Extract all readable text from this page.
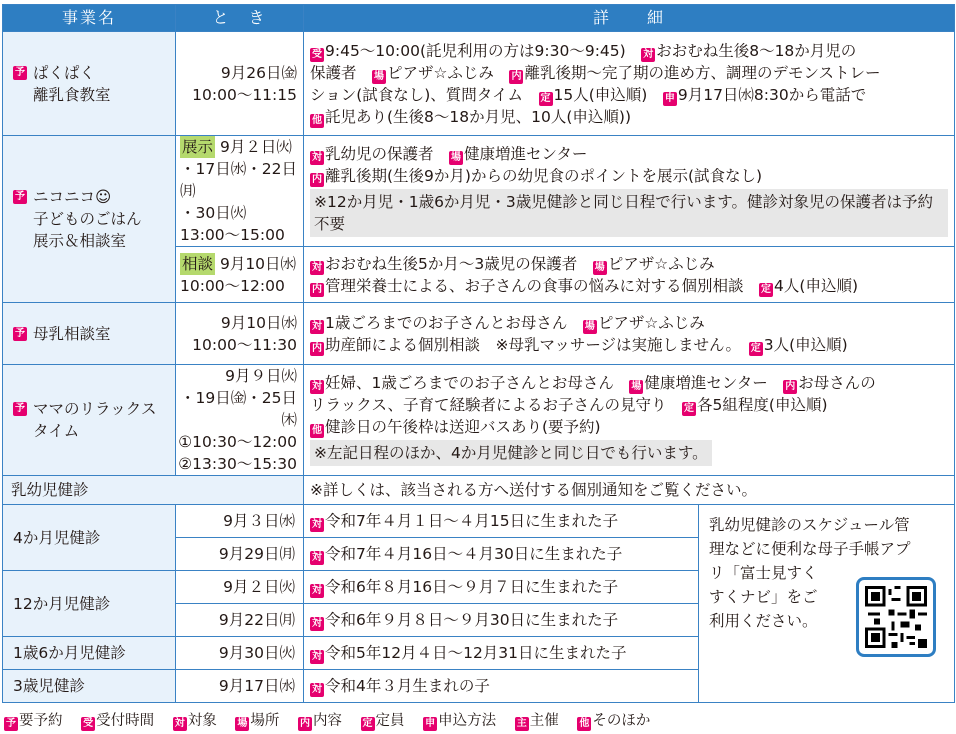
事業名	と　き	詳　　細	
予 ぱくぱく
離乳食教室	9月26日㈮
10:00～11:15	受 9:45～10:00(託児利用の方は9:30～9:45)　 対 おおむね生後8～18か月児の
保護者　 場 ピアザ☆ふじみ　 内 離乳後期～完了期の進め方、調理のデモンストレー
ション(試食なし)、質問タイム　 定 15人(申込順)　 申 9月17日㈬8:30から電話で
他 託児あり(生後8～18か月児、10人(申込順))	
予 ニコニコ☺
子どものごはん
展示＆相談室	展示 9月２日㈫
・17日㈬・22日㈪
・30日㈫
13:00～15:00	対 乳幼児の保護者　 場 健康増進センター
内 離乳後期(生後9か月)からの幼児食のポイントを展示(試食なし)
※12か月児・1歳6か月児・3歳児健診と同じ日程で行います。健診対象児の保護者は予約不要	

	相談 9月10日㈬
10:00～12:00	対 おおむね生後5か月～3歳児の保護者　 場 ピアザ☆ふじみ
内 管理栄養士による、お子さんの食事の悩みに対する個別相談　 定 4人(申込順)	
予 母乳相談室	9月10日㈬
10:00～11:30	対 1歳ごろまでのお子さんとお母さん　 場 ピアザ☆ふじみ
内 助産師による個別相談　※母乳マッサージは実施しません。　 定 3人(申込順)	
予 ママのリラックス
タイム	9月９日㈫
・19日㈮・25日㈭
①10:30～12:00
②13:30～15:30	対 妊婦、1歳ごろまでのお子さんとお母さん　 場 健康増進センター　 内 お母さんの
リラックス、子育て経験者によるお子さんの見守り　 定 各5組程度(申込順)
他 健診日の午後枠は送迎バスあり(要予約) ※左記日程のほか、4か月児健診と同じ日でも行います。	
乳幼児健診		※詳しくは、該当される方へ送付する個別通知をご覧ください。	
4か月児健診	9月３日㈬	対 令和7年４月１日～４月15日に生まれた子	乳幼児健診のスケジュール管
理などに便利な母子手帳アプ
リ「富士見すく
すくナビ」をご
利用ください。

	9月29日㈪	対 令和7年４月16日～４月30日に生まれた子	
12か月児健診	9月２日㈫	対 令和6年８月16日～９月７日に生まれた子	
	9月22日㈪	対 令和6年９月８日～９月30日に生まれた子	
1歳6か月児健診	9月30日㈫	対 令和5年12月４日～12月31日に生まれた子	
3歳児健診	9月17日㈬	対 令和4年３月生まれの子	
予 要予約 受 受付時間 対 対象 場 場所 内 内容 定 定員 申 申込方法 主 主催 他 そのほか
